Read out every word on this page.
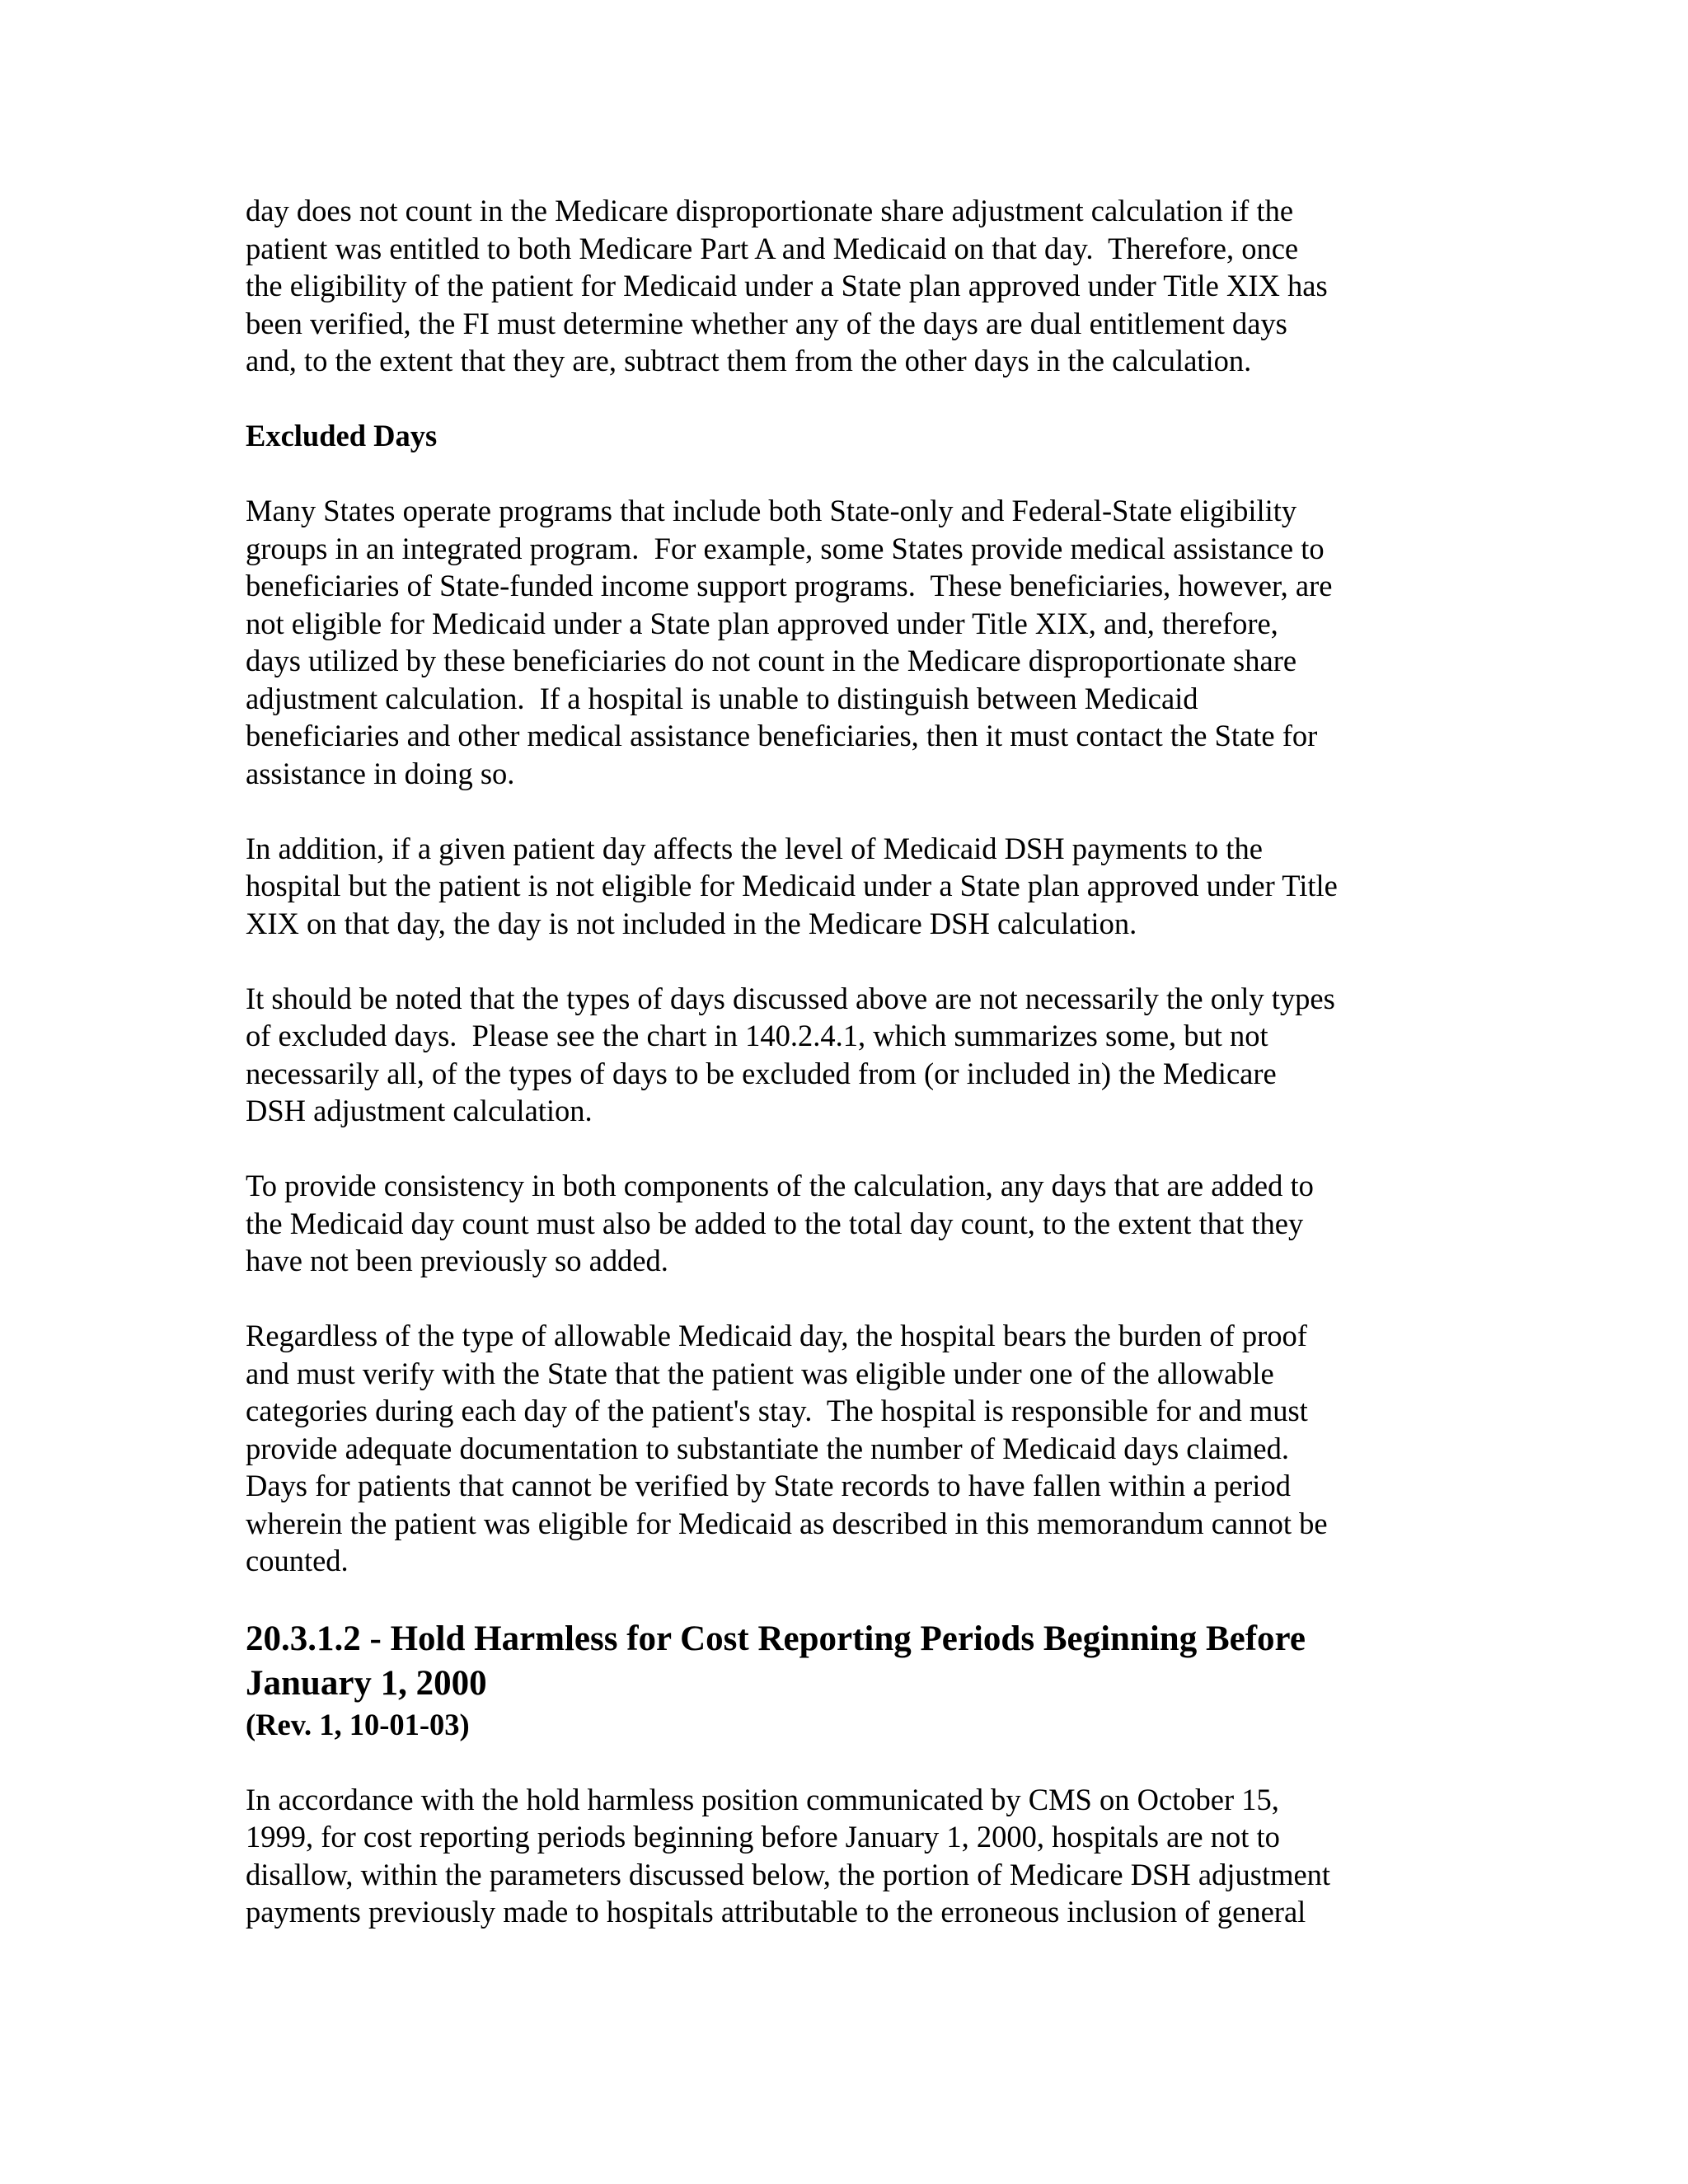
day does not count in the Medicare disproportionate share adjustment calculation if the
patient was entitled to both Medicare Part A and Medicaid on that day.  Therefore, once
the eligibility of the patient for Medicaid under a State plan approved under Title XIX has
been verified, the FI must determine whether any of the days are dual entitlement days
and, to the extent that they are, subtract them from the other days in the calculation.

Excluded Days

Many States operate programs that include both State-only and Federal-State eligibility
groups in an integrated program.  For example, some States provide medical assistance to
beneficiaries of State-funded income support programs.  These beneficiaries, however, are
not eligible for Medicaid under a State plan approved under Title XIX, and, therefore,
days utilized by these beneficiaries do not count in the Medicare disproportionate share
adjustment calculation.  If a hospital is unable to distinguish between Medicaid
beneficiaries and other medical assistance beneficiaries, then it must contact the State for
assistance in doing so.

In addition, if a given patient day affects the level of Medicaid DSH payments to the
hospital but the patient is not eligible for Medicaid under a State plan approved under Title
XIX on that day, the day is not included in the Medicare DSH calculation.

It should be noted that the types of days discussed above are not necessarily the only types
of excluded days.  Please see the chart in 140.2.4.1, which summarizes some, but not
necessarily all, of the types of days to be excluded from (or included in) the Medicare
DSH adjustment calculation.

To provide consistency in both components of the calculation, any days that are added to
the Medicaid day count must also be added to the total day count, to the extent that they
have not been previously so added.

Regardless of the type of allowable Medicaid day, the hospital bears the burden of proof
and must verify with the State that the patient was eligible under one of the allowable
categories during each day of the patient's stay.  The hospital is responsible for and must
provide adequate documentation to substantiate the number of Medicaid days claimed.
Days for patients that cannot be verified by State records to have fallen within a period
wherein the patient was eligible for Medicaid as described in this memorandum cannot be
counted.

20.3.1.2 - Hold Harmless for Cost Reporting Periods Beginning Before
January 1, 2000
(Rev. 1, 10-01-03)

In accordance with the hold harmless position communicated by CMS on October 15,
1999, for cost reporting periods beginning before January 1, 2000, hospitals are not to
disallow, within the parameters discussed below, the portion of Medicare DSH adjustment
payments previously made to hospitals attributable to the erroneous inclusion of general
